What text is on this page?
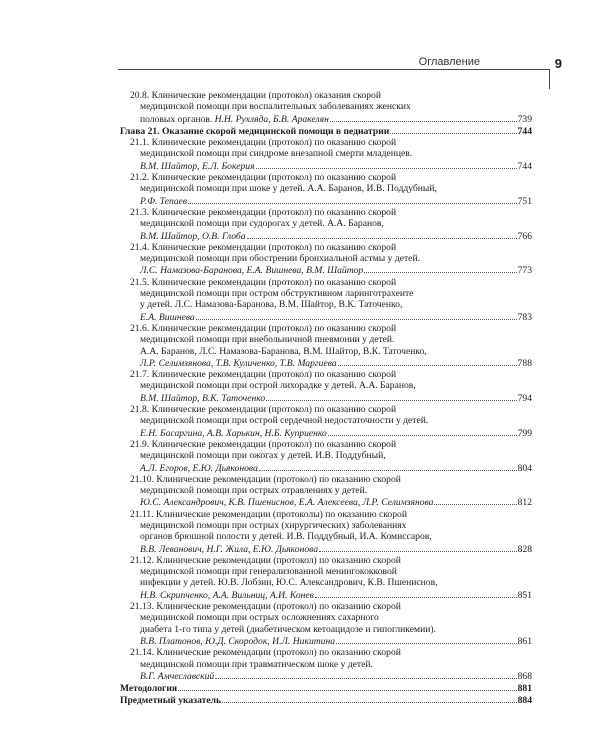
Оглавление	9
20.8. Клинические рекомендации (протокол) оказания скорой
медицинской помощи при воспалительных заболеваниях женских
половых органов. Н.Н. Рухляда, Б.В. Аракелян	739
Глава 21. Оказание скорой медицинской помощи в педиатрии	744
21.1. Клинические рекомендации (протокол) по оказанию скорой
медицинской помощи при синдроме внезапной смерти младенцев.
В.М. Шайтор, Е.Л. Бокерия	744
21.2. Клинические рекомендации (протокол) по оказанию скорой
медицинской помощи при шоке у детей. А.А. Баранов, И.В. Поддубный,
Р.Ф. Тепаев	751
21.3. Клинические рекомендации (протокол) по оказанию скорой
медицинской помощи при судорогах у детей. А.А. Баранов,
В.М. Шайтор, О.В. Глоба	766
21.4. Клинические рекомендации (протокол) по оказанию скорой
медицинской помощи при обострении бронхиальной астмы у детей.
Л.С. Намазова-Баранова, Е.А. Вишнева, В.М. Шайтор	773
21.5. Клинические рекомендации (протокол) по оказанию скорой
медицинской помощи при остром обструктивном ларинготрахеите
у детей. Л.С. Намазова-Баранова, В.М. Шайтор, В.К. Таточенко,
Е.А. Вишнева	783
21.6. Клинические рекомендации (протокол) по оказанию скорой
медицинской помощи при внебольничной пневмонии у детей.
А.А. Баранов, Л.С. Намазова-Баранова, В.М. Шайтор, В.К. Таточенко,
Л.Р. Селимзянова, Т.В. Куличенко, Т.В. Маргиева	788
21.7. Клинические рекомендации (протокол) по оказанию скорой
медицинской помощи при острой лихорадке у детей. А.А. Баранов,
В.М. Шайтор, В.К. Таточенко	794
21.8. Клинические рекомендации (протокол) по оказанию скорой
медицинской помощи при острой сердечной недостаточности у детей.
Е.Н. Басаргина, А.В. Харькин, Н.Б. Куприенко	799
21.9. Клинические рекомендации (протокол) по оказанию скорой
медицинской помощи при ожогах у детей. И.В. Поддубный,
А.Л. Егоров, Е.Ю. Дьяконова	804
21.10. Клинические рекомендации (протокол) по оказанию скорой
медицинской помощи при острых отравлениях у детей.
Ю.С. Александрович, К.В. Пшениснов, Е.А. Алексеева, Л.Р. Селимзянова	812
21.11. Клинические рекомендации (протоколы) по оказанию скорой
медицинской помощи при острых (хирургических) заболеваниях
органов брюшной полости у детей. И.В. Поддубный, И.А. Комиссаров,
В.В. Леванович, Н.Г. Жила, Е.Ю. Дьяконова	828
21.12. Клинические рекомендации (протокол) по оказанию скорой
медицинской помощи при генерализованной менингококковой
инфекции у детей. Ю.В. Лобзин, Ю.С. Александрович, К.В. Пшениснов,
Н.В. Скрипченко, А.А. Вильниц, А.И. Конев	851
21.13. Клинические рекомендации (протокол) по оказанию скорой
медицинской помощи при острых осложнениях сахарного
диабета 1-го типа у детей (диабетическом кетоацидозе и гипогликемии).
В.В. Платонов, Ю.Д. Скородок, И.Л. Никитина	861
21.14. Клинические рекомендации (протокол) по оказанию скорой
медицинской помощи при травматическом шоке у детей.
В.Г. Амчеславский	868
Методология	881
Предметный указатель	884
